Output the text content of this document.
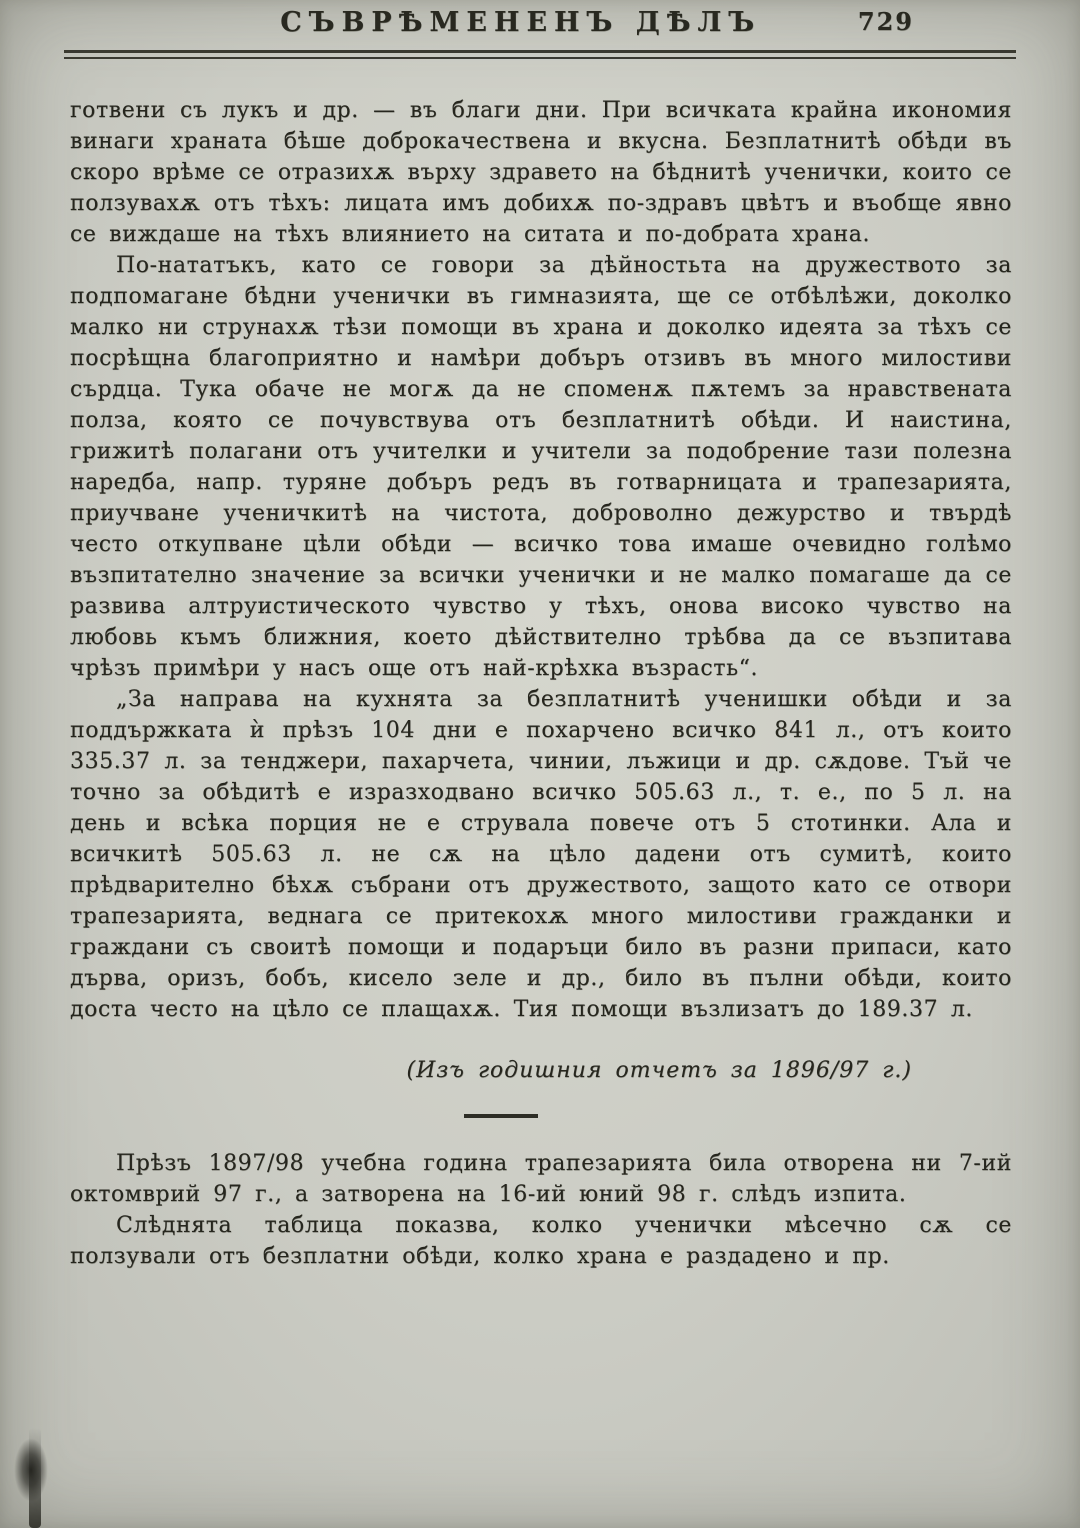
СЪВРѢМЕНЕНЪ ДѢЛЪ	729

готвени съ лукъ и др. — въ благи дни. При всичката крайна икономия винаги храната бѣше доброкачествена и вкусна. Безплатнитѣ обѣди въ скоро врѣме се отразихѫ върху здравето на бѣднитѣ ученички, които се ползувахѫ отъ тѣхъ: лицата имъ добихѫ по-здравъ цвѣтъ и въобще явно се виждаше на тѣхъ влиянието на ситата и по-добрата храна.

По-нататъкъ, като се говори за дѣйностьта на дружеството за подпомагане бѣдни ученички въ гимназията, ще се отбѣлѣжи, доколко малко ни струнахѫ тѣзи помощи въ храна и доколко идеята за тѣхъ се посрѣщна благоприятно и намѣри добъръ отзивъ въ много милостиви сърдца. Тука обаче не могѫ да не споменѫ пѫтемъ за нравствената полза, която се почувствува отъ безплатнитѣ обѣди. И наистина, грижитѣ полагани отъ учителки и учители за подобрение тази полезна наредба, напр. туряне добъръ редъ въ готварницата и трапезарията, приучване ученичкитѣ на чистота, доброволно дежурство и твърдѣ често откупване цѣли обѣди — всичко това имаше очевидно голѣмо възпитателно значение за всички ученички и не малко помагаше да се развива алтруистическото чувство у тѣхъ, онова високо чувство на любовь къмъ ближния, което дѣйствително трѣбва да се възпитава чрѣзъ примѣри у насъ още отъ най-крѣхка възрасть“.

„За направа на кухнята за безплатнитѣ ученишки обѣди и за поддържката ѝ прѣзъ 104 дни е похарчено всичко 841 л., отъ които 335.37 л. за тенджери, пахарчета, чинии, лъжици и др. сѫдове. Тъй че точно за обѣдитѣ е изразходвано всичко 505.63 л., т. е., по 5 л. на день и всѣка порция не е струвала повече отъ 5 стотинки. Ала и всичкитѣ 505.63 л. не сѫ на цѣло дадени отъ сумитѣ, които прѣдварително бѣхѫ събрани отъ дружеството, защото като се отвори трапезарията, веднага се притекохѫ много милостиви гражданки и граждани съ своитѣ помощи и подаръци било въ разни припаси, като дърва, оризъ, бобъ, кисело зеле и др., било въ пълни обѣди, които доста често на цѣло се плащахѫ. Тия помощи възлизатъ до 189.37 л.

(Изъ годишния отчетъ за 1896/97 г.)

Прѣзъ 1897/98 учебна година трапезарията била отворена ни 7-ий октомврий 97 г., а затворена на 16-ий юний 98 г. слѣдъ изпита.

Слѣднята таблица показва, колко ученички мѣсечно сѫ се ползували отъ безплатни обѣди, колко храна е раздадено и пр.
